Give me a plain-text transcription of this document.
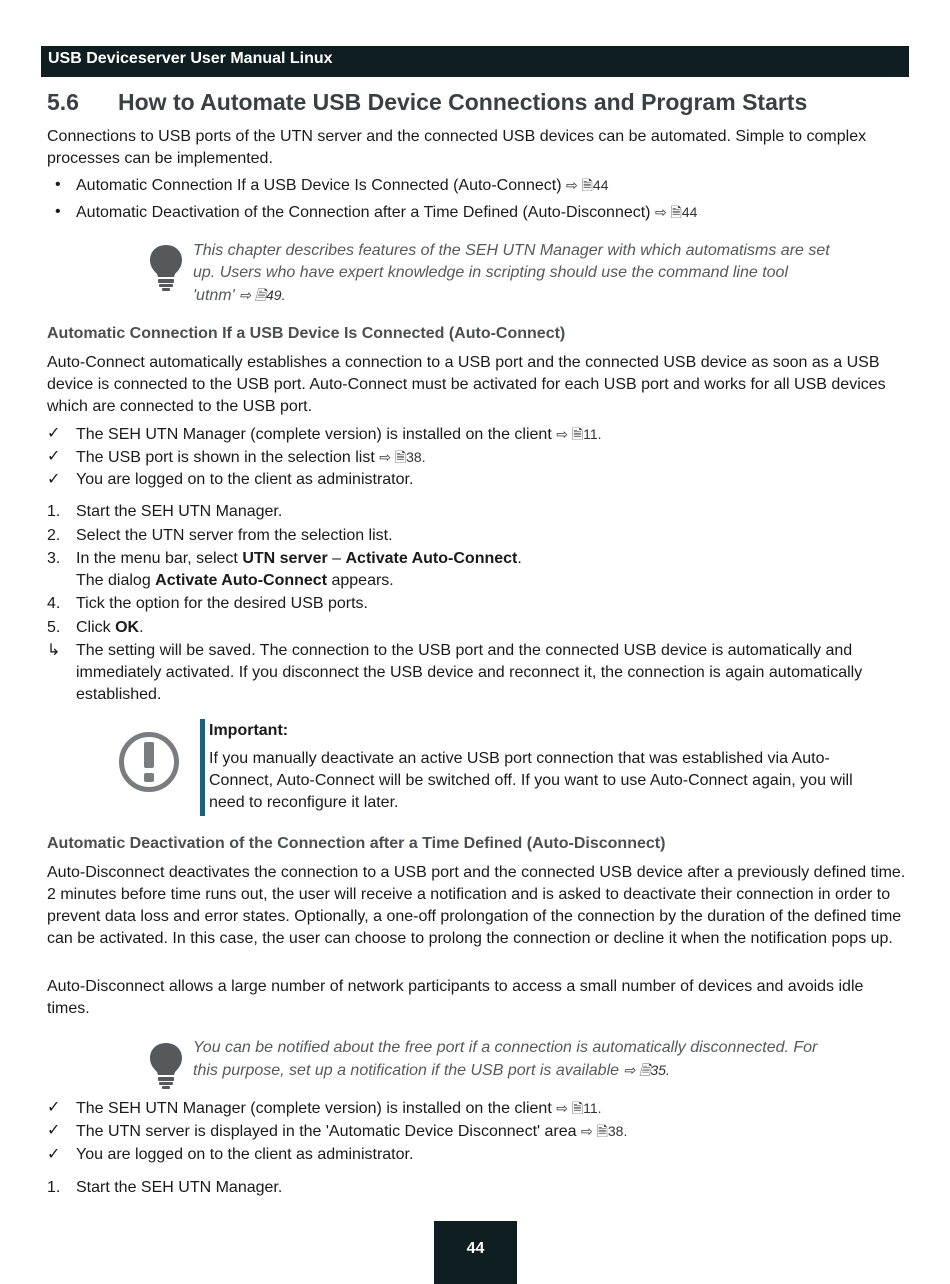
USB Deviceserver User Manual Linux
5.6 How to Automate USB Device Connections and Program Starts
Connections to USB ports of the UTN server and the connected USB devices can be automated. Simple to complex processes can be implemented.
• Automatic Connection If a USB Device Is Connected (Auto-Connect) ⇨ 🗎44
• Automatic Deactivation of the Connection after a Time Defined (Auto-Disconnect) ⇨ 🗎44
This chapter describes features of the SEH UTN Manager with which automatisms are set up. Users who have expert knowledge in scripting should use the command line tool 'utnm' ⇨ 🗎49.
Automatic Connection If a USB Device Is Connected (Auto-Connect)
Auto-Connect automatically establishes a connection to a USB port and the connected USB device as soon as a USB device is connected to the USB port. Auto-Connect must be activated for each USB port and works for all USB devices which are connected to the USB port.
✓ The SEH UTN Manager (complete version) is installed on the client ⇨ 🗎11.
✓ The USB port is shown in the selection list ⇨ 🗎38.
✓ You are logged on to the client as administrator.
1. Start the SEH UTN Manager.
2. Select the UTN server from the selection list.
3. In the menu bar, select UTN server – Activate Auto-Connect.
The dialog Activate Auto-Connect appears.
4. Tick the option for the desired USB ports.
5. Click OK.
↳ The setting will be saved. The connection to the USB port and the connected USB device is automatically and immediately activated. If you disconnect the USB device and reconnect it, the connection is again automatically established.
Important:
If you manually deactivate an active USB port connection that was established via Auto-Connect, Auto-Connect will be switched off. If you want to use Auto-Connect again, you will need to reconfigure it later.
Automatic Deactivation of the Connection after a Time Defined (Auto-Disconnect)
Auto-Disconnect deactivates the connection to a USB port and the connected USB device after a previously defined time. 2 minutes before time runs out, the user will receive a notification and is asked to deactivate their connection in order to prevent data loss and error states. Optionally, a one-off prolongation of the connection by the duration of the defined time can be activated. In this case, the user can choose to prolong the connection or decline it when the notification pops up.
Auto-Disconnect allows a large number of network participants to access a small number of devices and avoids idle times.
You can be notified about the free port if a connection is automatically disconnected. For this purpose, set up a notification if the USB port is available ⇨ 🗎35.
✓ The SEH UTN Manager (complete version) is installed on the client ⇨ 🗎11.
✓ The UTN server is displayed in the 'Automatic Device Disconnect' area ⇨ 🗎38.
✓ You are logged on to the client as administrator.
1. Start the SEH UTN Manager.
44
